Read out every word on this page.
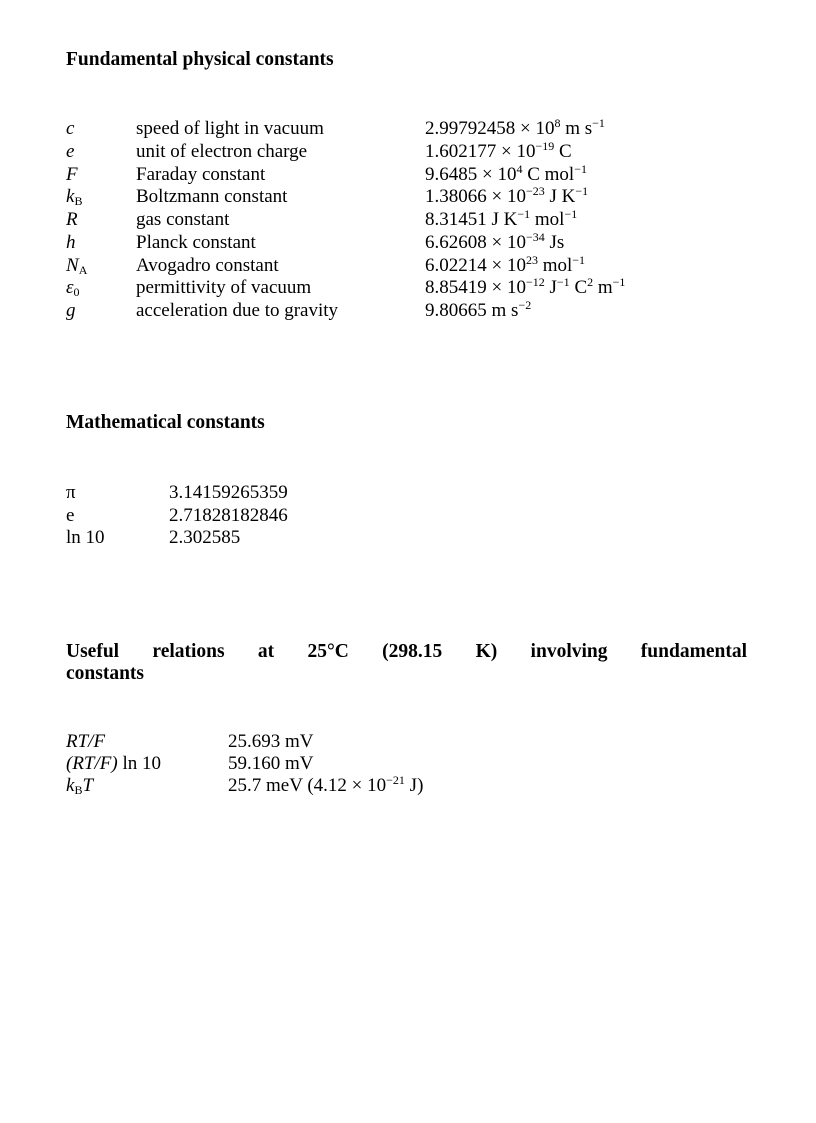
Fundamental physical constants
c	speed of light in vacuum	$2.99792458 \times 10^8$ m $s^{-1}$
e	unit of electron charge	$1.602177 \times 10^{-19}$ C
F	Faraday constant	$9.6485 \times 10^4$ C mol$^{-1}$
$k_B$	Boltzmann constant	$1.38066 \times 10^{-23}$ J $K^{-1}$
R	gas constant	8.31451 J $K^{-1}$ mol$^{-1}$
h	Planck constant	$6.62608 \times 10^{-34}$ Js
$N_A$	Avogadro constant	$6.02214 \times 10^{23}$ mol$^{-1}$
$\varepsilon_0$	permittivity of vacuum	$8.85419 \times 10^{-12}$ $J^{-1}$ $C^2$ $m^{-1}$
g	acceleration due to gravity	9.80665 m $s^{-2}$
Mathematical constants
π	3.14159265359
e	2.71828182846
ln 10	2.302585
Useful relations at 25°C (298.15 K) involving fundamental
constants
RT/F	25.693 mV
(RT/F) ln 10	59.160 mV
$k_BT$	25.7 meV ($4.12 \times 10^{-21}$ J)
